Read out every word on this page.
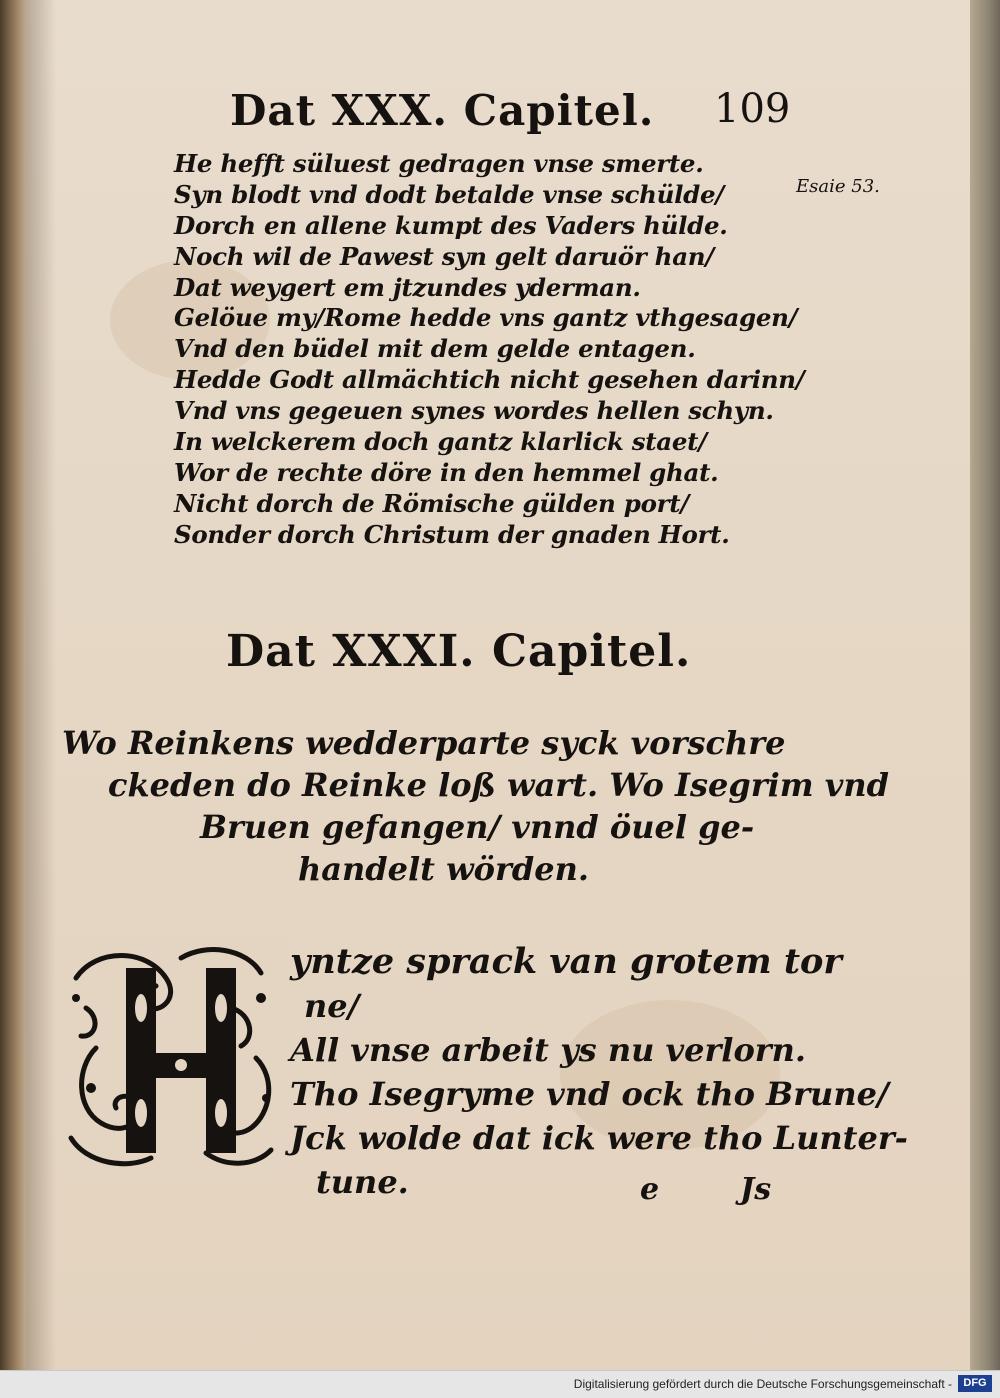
Dat XXX. Capitel. 109
Esaie 53.
He hefft süluest gedragen vnse smerte.
Syn blodt vnd dodt betalde vnse schülde/
Dorch en allene kumpt des Vaders hülde.
Noch wil de Pawest syn gelt daruör han/
Dat weygert em jtzundes yderman.
Gelöue my/Rome hedde vns gantz vthgesagen/
Vnd den büdel mit dem gelde entagen.
Hedde Godt allmächtich nicht gesehen darinn/
Vnd vns gegeuen synes wordes hellen schyn.
In welckerem doch gantz klarlick staet/
Wor de rechte döre in den hemmel ghat.
Nicht dorch de Römische gülden port/
Sonder dorch Christum der gnaden Hort.
Dat XXXI. Capitel.
Wo Reinkens wedderparte syck vorschre
ckeden do Reinke loß wart. Wo Isegrim vnd
Bruen gefangen/ vnnd öuel ge-
handelt wörden.
yntze sprack van grotem tor
ne/
All vnse arbeit ys nu verlorn.
Tho Isegryme vnd ock tho Brune/
Jck wolde dat ick were tho Lunter-
tune.	e	Js
Digitalisierung gefördert durch die Deutsche Forschungsgemeinschaft -	DFG
